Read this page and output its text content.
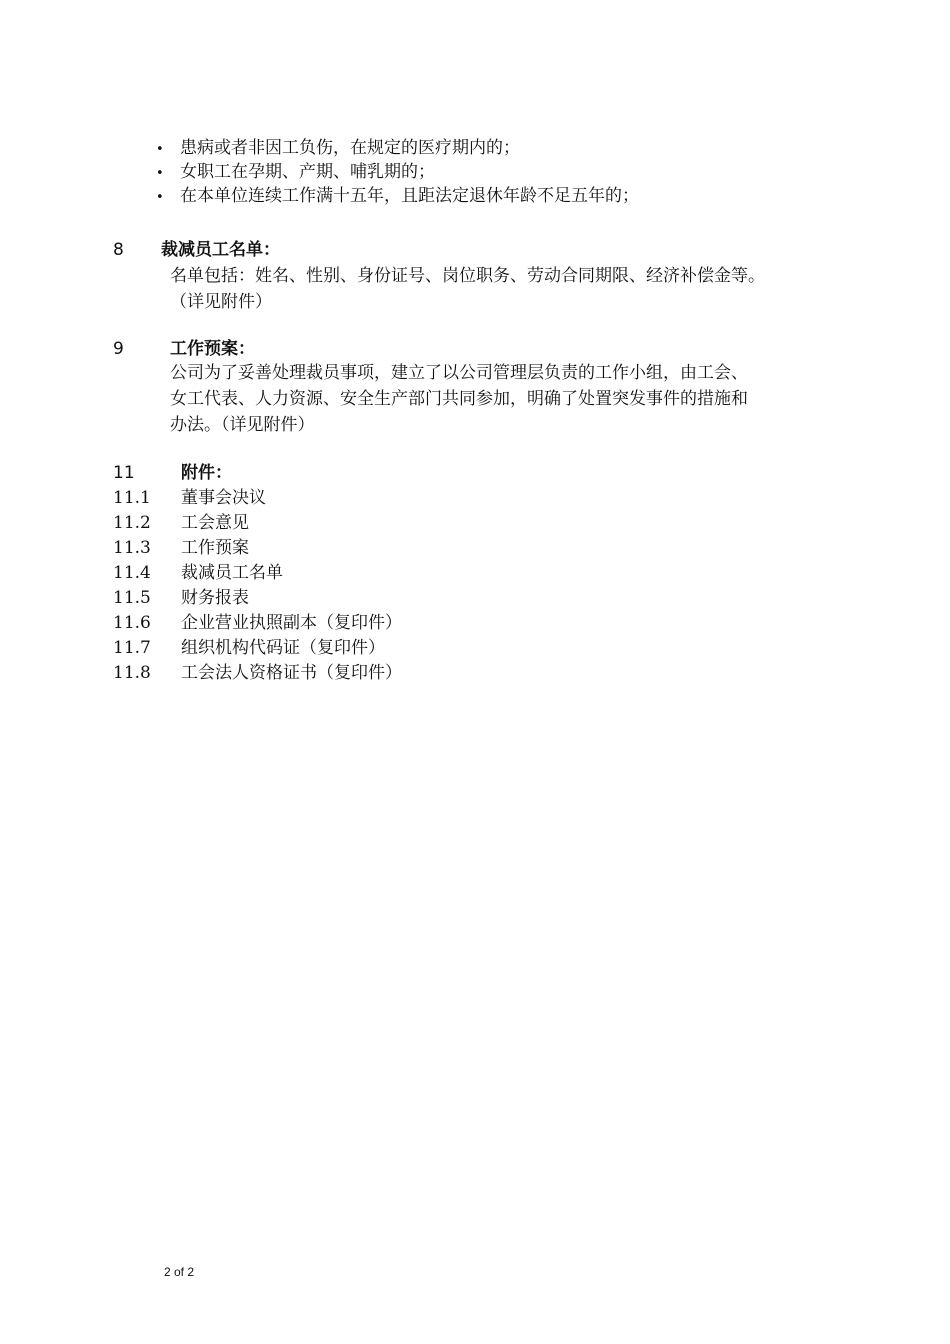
• 患病或者非因工负伤，在规定的医疗期内的；
• 女职工在孕期、产期、哺乳期的；
• 在本单位连续工作满十五年，且距法定退休年龄不足五年的；
8 裁减员工名单：
名单包括：姓名、性别、身份证号、岗位职务、劳动合同期限、经济补偿金等。
（详见附件）
9	工作预案：
公司为了妥善处理裁员事项，建立了以公司管理层负责的工作小组，由工会、
女工代表、人力资源、安全生产部门共同参加，明确了处置突发事件的措施和
办法。（详见附件）
11	附件：
11.1 董事会决议
11.2 工会意见
11.3 工作预案
11.4 裁减员工名单
11.5 财务报表
11.6 企业营业执照副本（复印件）
11.7 组织机构代码证（复印件）
11.8 工会法人资格证书（复印件）
2 of 2
